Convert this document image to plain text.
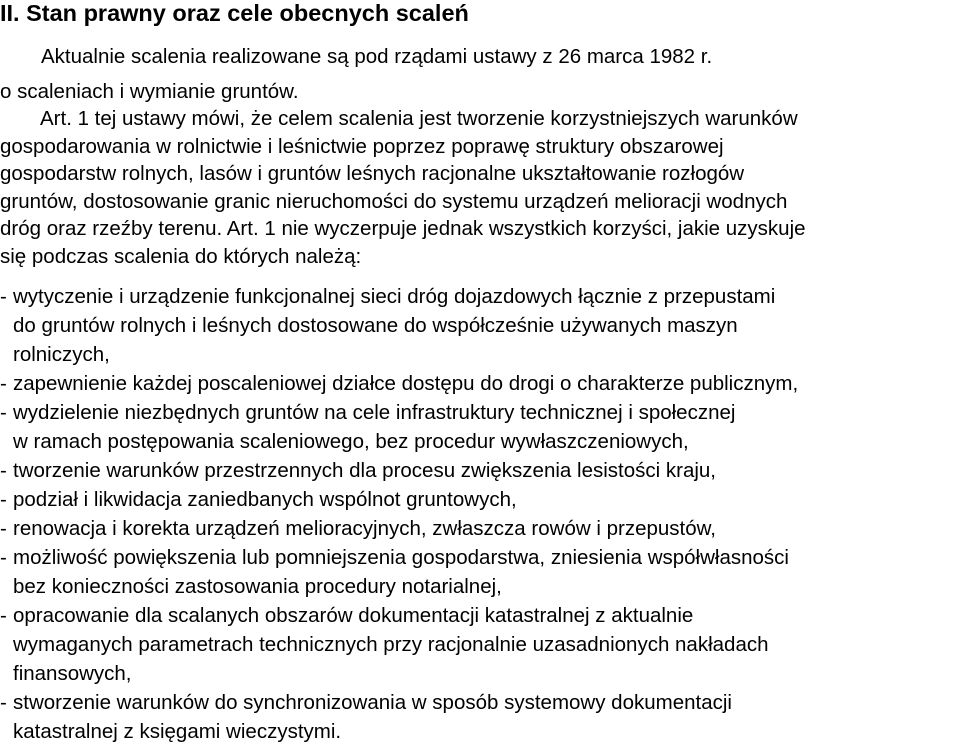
II. Stan prawny oraz cele obecnych scaleń
Aktualnie scalenia realizowane są pod rządami ustawy z 26 marca 1982 r.
o scaleniach i wymianie gruntów.
Art. 1 tej ustawy mówi, że celem scalenia jest tworzenie korzystniejszych warunków
gospodarowania w rolnictwie i leśnictwie poprzez poprawę struktury obszarowej
gospodarstw rolnych, lasów i gruntów leśnych racjonalne ukształtowanie rozłogów
gruntów, dostosowanie granic nieruchomości do systemu urządzeń melioracji wodnych
dróg oraz rzeźby terenu. Art. 1 nie wyczerpuje jednak wszystkich korzyści, jakie uzyskuje
się podczas scalenia do których należą:
- wytyczenie i urządzenie funkcjonalnej sieci dróg dojazdowych łącznie z przepustami
do gruntów rolnych i leśnych dostosowane do współcześnie używanych maszyn
rolniczych,
- zapewnienie każdej poscaleniowej działce dostępu do drogi o charakterze publicznym,
- wydzielenie niezbędnych gruntów na cele infrastruktury technicznej i społecznej
w ramach postępowania scaleniowego, bez procedur wywłaszczeniowych,
- tworzenie warunków przestrzennych dla procesu zwiększenia lesistości kraju,
- podział i likwidacja zaniedbanych wspólnot gruntowych,
- renowacja i korekta urządzeń melioracyjnych, zwłaszcza rowów i przepustów,
- możliwość powiększenia lub pomniejszenia gospodarstwa, zniesienia współwłasności
bez konieczności zastosowania procedury notarialnej,
- opracowanie dla scalanych obszarów dokumentacji katastralnej z aktualnie
wymaganych parametrach technicznych przy racjonalnie uzasadnionych nakładach
finansowych,
- stworzenie warunków do synchronizowania w sposób systemowy dokumentacji
katastralnej z księgami wieczystymi.
